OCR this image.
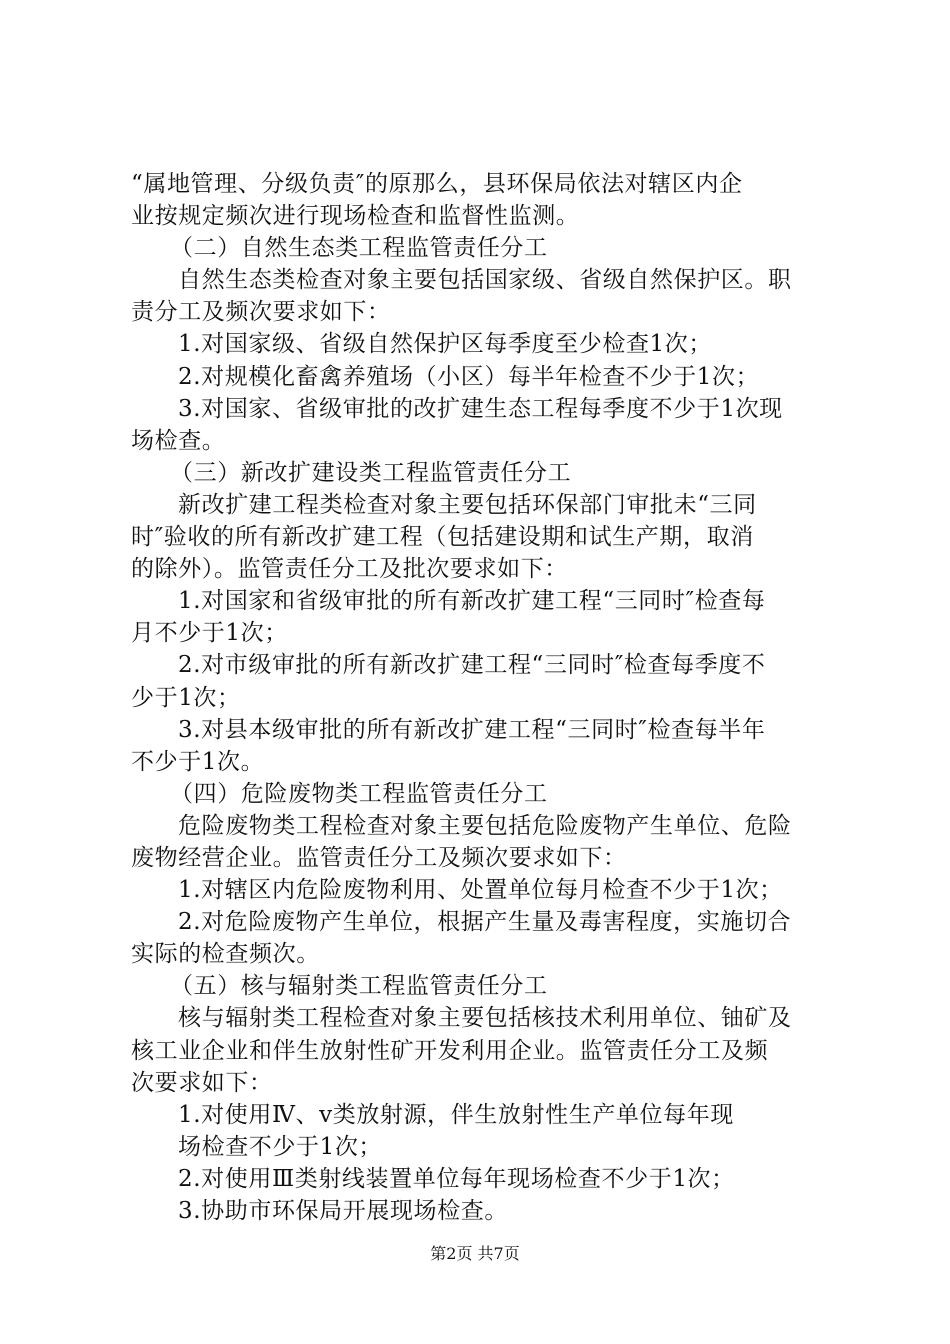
“属地管理、分级负责″的原那么，县环保局依法对辖区内企
业按规定频次进行现场检查和监督性监测。
（二）自然生态类工程监管责任分工
自然生态类检查对象主要包括国家级、省级自然保护区。职
责分工及频次要求如下：
1.对国家级、省级自然保护区每季度至少检查1次；
2.对规模化畜禽养殖场（小区）每半年检查不少于1次；
3.对国家、省级审批的改扩建生态工程每季度不少于1次现
场检查。
（三）新改扩建设类工程监管责任分工
新改扩建工程类检查对象主要包括环保部门审批未“三同
时″验收的所有新改扩建工程（包括建设期和试生产期，取消
的除外）。监管责任分工及批次要求如下：
1.对国家和省级审批的所有新改扩建工程“三同时″检查每
月不少于1次；
2.对市级审批的所有新改扩建工程“三同时″检查每季度不
少于1次；
3.对县本级审批的所有新改扩建工程“三同时″检查每半年
不少于1次。
（四）危险废物类工程监管责任分工
危险废物类工程检查对象主要包括危险废物产生单位、危险
废物经营企业。监管责任分工及频次要求如下：
1.对辖区内危险废物利用、处置单位每月检查不少于1次；
2.对危险废物产生单位，根据产生量及毒害程度，实施切合
实际的检查频次。
（五）核与辐射类工程监管责任分工
核与辐射类工程检查对象主要包括核技术利用单位、铀矿及
核工业企业和伴生放射性矿开发利用企业。监管责任分工及频
次要求如下：
1.对使用Ⅳ、v类放射源，伴生放射性生产单位每年现
场检查不少于1次；
2.对使用Ⅲ类射线装置单位每年现场检查不少于1次；
3.协助市环保局开展现场检查。
第2页 共7页
